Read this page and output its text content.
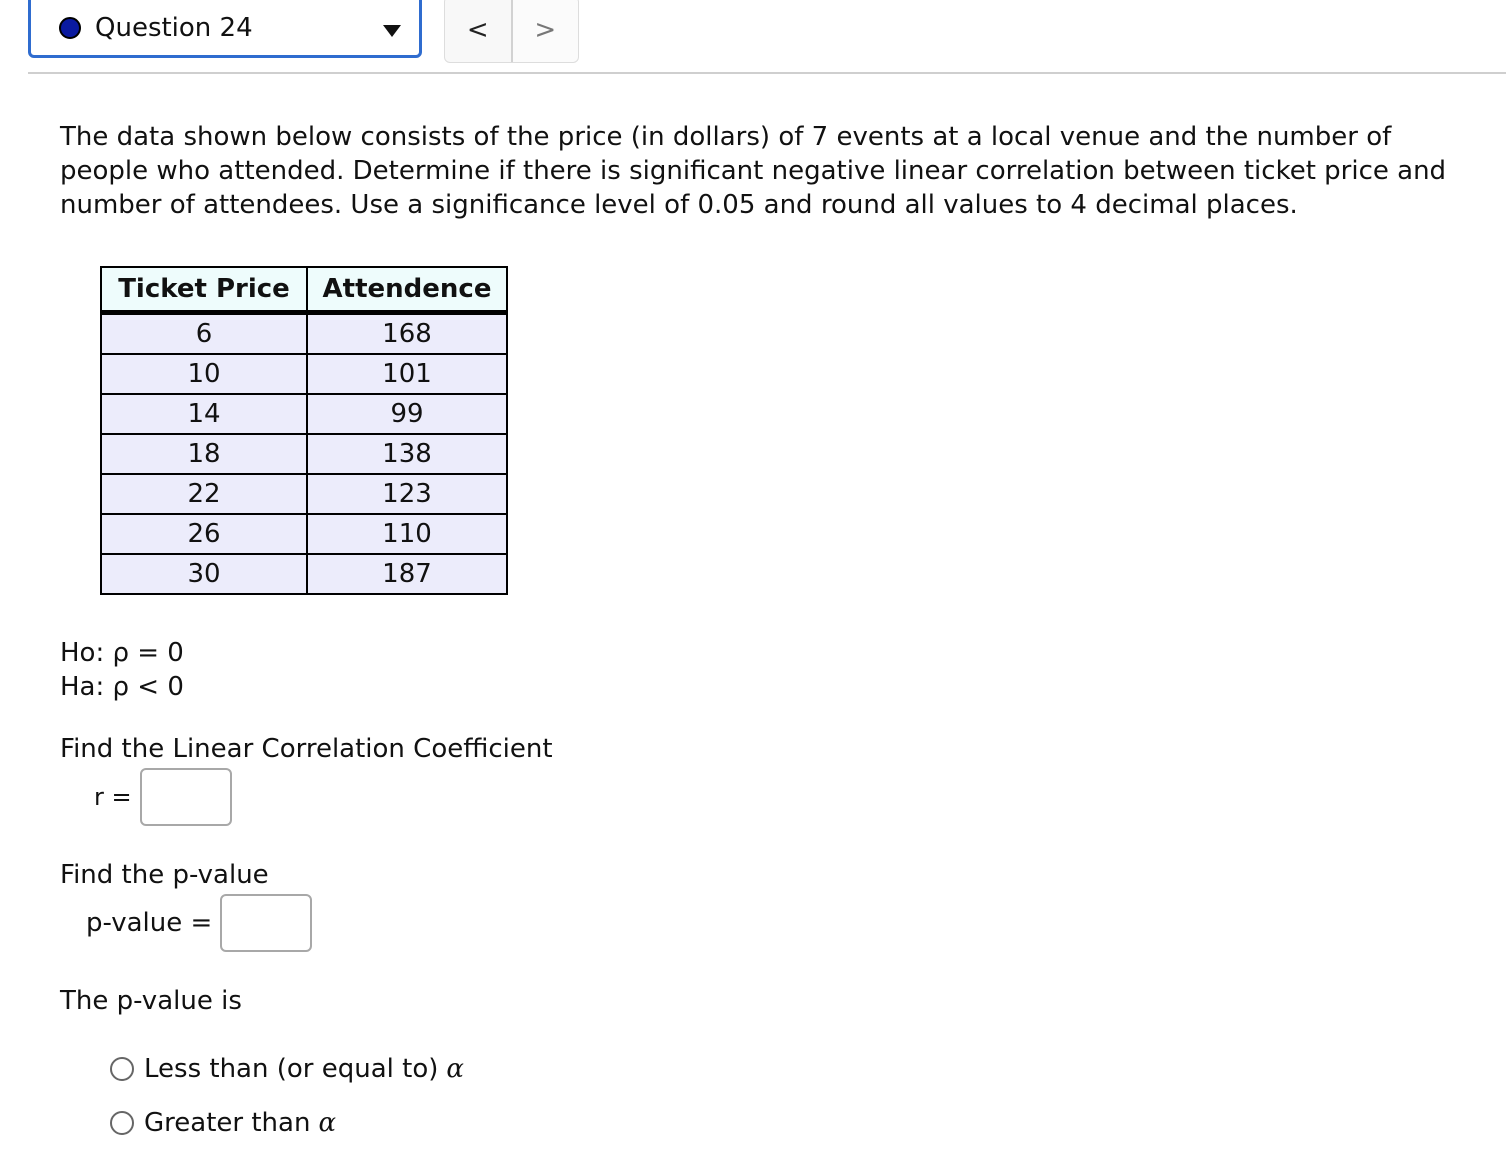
Question 24	< >
The data shown below consists of the price (in dollars) of 7 events at a local venue and the number of people who attended. Determine if there is significant negative linear correlation between ticket price and number of attendees. Use a significance level of 0.05 and round all values to 4 decimal places.
Ticket Price	Attendence
6	168
10	101
14	99
18	138
22	123
26	110
30	187
Ho: ρ = 0
Ha: ρ < 0
Find the Linear Correlation Coefficient
r =
Find the p-value
p-value =
The p-value is
Less than (or equal to) α
Greater than α
